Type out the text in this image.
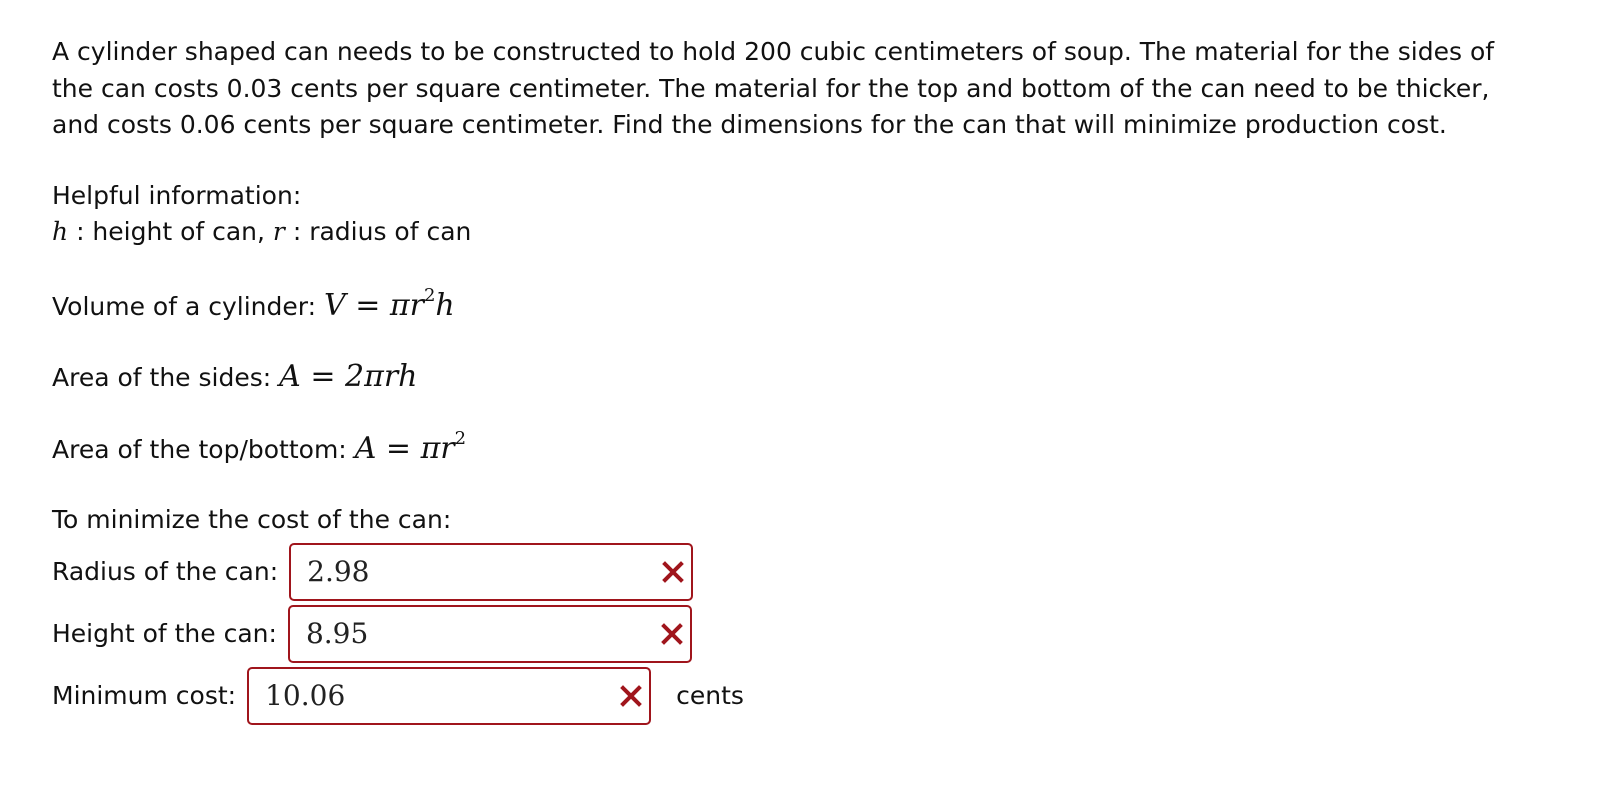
A cylinder shaped can needs to be constructed to hold 200 cubic centimeters of soup. The material for the sides of the can costs 0.03 cents per square centimeter. The material for the top and bottom of the can need to be thicker, and costs 0.06 cents per square centimeter. Find the dimensions for the can that will minimize production cost.

Helpful information:
h : height of can, r : radius of can
Volume of a cylinder: $V = \pi r^2h$
Area of the sides: A = 2πrh
Area of the top/bottom: $A = \pi r^2$
To minimize the cost of the can:
Radius of the can: 2.98
Height of the can: 8.95
Minimum cost: 10.06	cents
